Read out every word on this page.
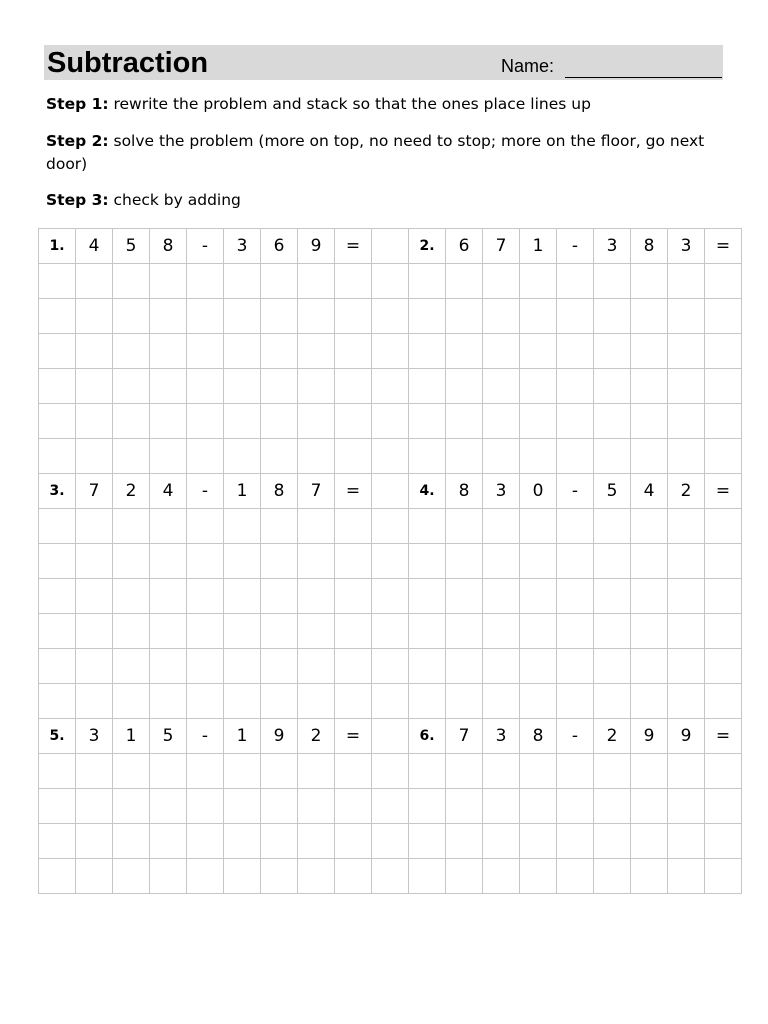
Subtraction	Name:
Step 1: rewrite the problem and stack so that the ones place lines up
Step 2: solve the problem (more on top, no need to stop; more on the floor, go next door)
Step 3: check by adding
1.	4	5	8	-	3	6	9	=		2.	6	7	1	-	3	8	3	=

3.	7	2	4	-	1	8	7	=		4.	8	3	0	-	5	4	2	=

5.	3	1	5	-	1	9	2	=		6.	7	3	8	-	2	9	9	=
